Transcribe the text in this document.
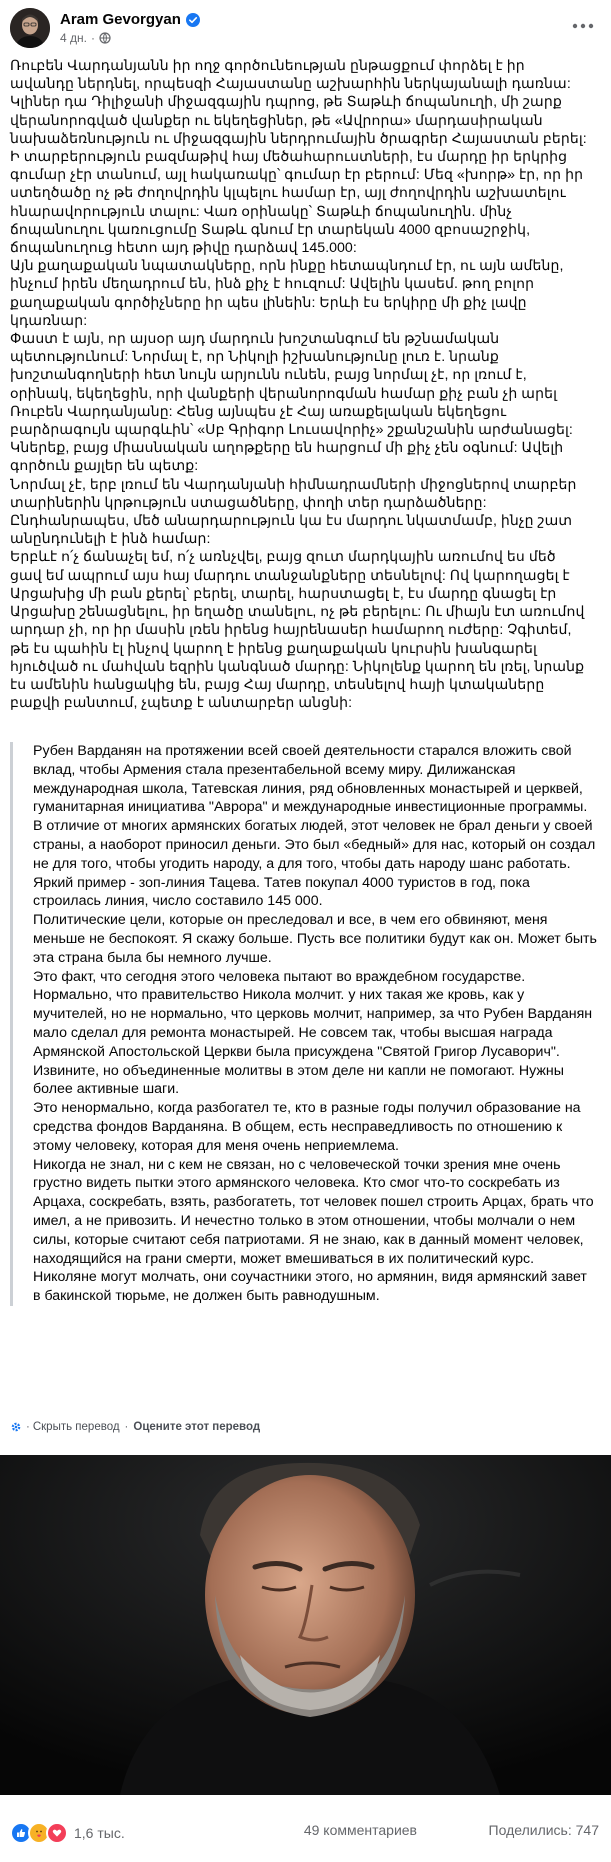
Aram Gevorgyan
4 дн. ·

Ռուբեն Վարդանյանն իր ողջ գործունեության ընթացքում փորձել է իր ավանդը ներդնել, որպեսզի Հայաստանը աշխարհին ներկայանալի դառնա: Կլիներ դա Դիլիջանի միջազգային դպրոց, թե Տաթևի ճոպանուղի, մի շարք վերանորոգված վանքեր ու եկեղեցիներ, թե «Ավրորա» մարդասիրական նախաձեռնություն ու միջազգային ներդրումային ծրագրեր Հայաստան բերել:

Ի տարբերություն բազմաթիվ հայ մեծահարուստների, էս մարդը իր երկրից գումար չէր տանում, այլ հակառակը՝ գումար էր բերում: Մեզ «խորթ» էր, որ իր ստեղծածը ոչ թե ժողովրդին կլպելու համար էր, այլ ժողովրդին աշխատելու հնարավորություն տալու: Վառ օրինակը՝ Տաթևի ճոպանուղին. մինչ ճոպանուղու կառուցումը Տաթև գնում էր տարեկան 4000 զբոսաշրջիկ, ճոպանուղուց հետո այդ թիվը դարձավ 145.000:

Այն քաղաքական նպատակները, որն ինքը հետապնդում էր, ու այն ամենը, ինչում իրեն մեղադրում են, ինձ քիչ է հուզում: Ավելին կասեմ. թող բոլոր քաղաքական գործիչները իր պես լինեին: Երևի էս երկիրը մի քիչ լավը կդառնար:

Փաստ է այն, որ այսօր այդ մարդուն խոշտանգում են թշնամական պետությունում: Նորմալ է, որ Նիկոլի իշխանությունը լուռ է. նրանք խոշտանգողների հետ նույն արյունն ունեն, բայց նորմալ չէ, որ լռում է, օրինակ, եկեղեցին, որի վանքերի վերանորոգման համար քիչ բան չի արել Ռուբեն Վարդանյանը: Հենց այնպես չէ Հայ առաքելական եկեղեցու բարձրագույն պարգևին՝ «Սբ Գրիգոր Լուսավորիչ» շքանշանին արժանացել: Կներեք, բայց միասնական աղոթքերը են հարցում մի քիչ չեն օգնում: Ավելի գործուն քայլեր են պետք:

Նորմալ չէ, երբ լռում են Վարդանյանի հիմնադրամների միջոցներով տարբեր տարիներին կրթություն ստացածները, փողի տեր դարձածները: Ընդհանրապես, մեծ անարդարություն կա էս մարդու նկատմամբ, ինչը շատ անընդունելի է ինձ համար:

Երբևէ ո՛չ ճանաչել եմ, ո՛չ առնչվել, բայց զուտ մարդկային առումով ես մեծ ցավ եմ ապրում այս հայ մարդու տանջանքները տեսնելով: Ով կարողացել է Արցախից մի բան քերել՝ բերել, տարել, հարստացել է, էս մարդը գնացել էր Արցախը շենացնելու, իր եղածը տանելու, ոչ թե բերելու: Ու միայն էտ առումով արդար չի, որ իր մասին լռեն իրենց հայրենասեր համարող ուժերը: Չգիտեմ, թե էս պահին էլ ինչով կարող է իրենց քաղաքական կուրսին խանգարել հյուծված ու մահվան եզրին կանգնած մարդը: Նիկոլենք կարող են լռել, նրանք էս ամենին հանցակից են, բայց Հայ մարդը, տեսնելով հայի կտակաները բաքվի բանտում, չպետք է անտարբեր անցնի:

Рубен Варданян на протяжении всей своей деятельности старался вложить свой вклад, чтобы Армения стала презентабельной всему миру. Дилижанская международная школа, Татевская линия, ряд обновленных монастырей и церквей, гуманитарная инициатива "Аврора" и международные инвестиционные программы.

В отличие от многих армянских богатых людей, этот человек не брал деньги у своей страны, а наоборот приносил деньги. Это был «бедный» для нас, который он создал не для того, чтобы угодить народу, а для того, чтобы дать народу шанс работать. Яркий пример - зоп-линия Тацева. Татев покупал 4000 туристов в год, пока строилась линия, число составило 145 000.

Политические цели, которые он преследовал и все, в чем его обвиняют, меня меньше не беспокоят. Я скажу больше. Пусть все политики будут как он. Может быть эта страна была бы немного лучше.

Это факт, что сегодня этого человека пытают во враждебном государстве. Нормально, что правительство Никола молчит. у них такая же кровь, как у мучителей, но не нормально, что церковь молчит, например, за что Рубен Варданян мало сделал для ремонта монастырей. Не совсем так, чтобы высшая награда Армянской Апостольской Церкви была присуждена "Святой Григор Лусаворич". Извините, но объединенные молитвы в этом деле ни капли не помогают. Нужны более активные шаги.

Это ненормально, когда разбогател те, кто в разные годы получил образование на средства фондов Варданяна. В общем, есть несправедливость по отношению к этому человеку, которая для меня очень неприемлема.

Никогда не знал, ни с кем не связан, но с человеческой точки зрения мне очень грустно видеть пытки этого армянского человека. Кто смог что-то соскребать из Арцаха, соскребать, взять, разбогатеть, тот человек пошел строить Арцах, брать что имел, а не привозить. И нечестно только в этом отношении, чтобы молчали о нем силы, которые считают себя патриотами. Я не знаю, как в данный момент человек, находящийся на грани смерти, может вмешиваться в их политический курс. Николяне могут молчать, они соучастники этого, но армянин, видя армянский завет в бакинской тюрьме, не должен быть равнодушным.

· Скрыть перевод · Оцените этот перевод
1,6 тыс.	49 комментариев	Поделились: 747
